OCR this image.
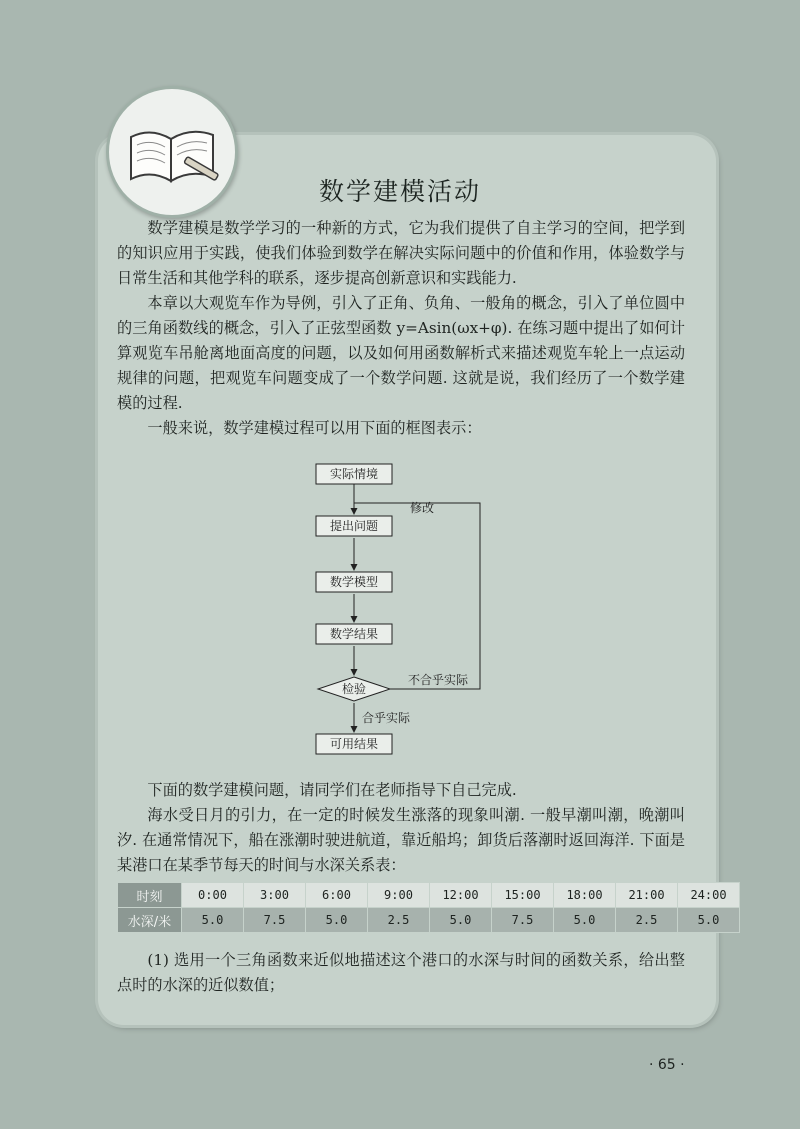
数学建模活动

数学建模是数学学习的一种新的方式，它为我们提供了自主学习的空间，把学到的知识应用于实践，使我们体验到数学在解决实际问题中的价值和作用，体验数学与日常生活和其他学科的联系，逐步提高创新意识和实践能力.

本章以大观览车作为导例，引入了正角、负角、一般角的概念，引入了单位圆中的三角函数线的概念，引入了正弦型函数 y=Asin(ωx+φ). 在练习题中提出了如何计算观览车吊舱离地面高度的问题，以及如何用函数解析式来描述观览车轮上一点运动规律的问题，把观览车问题变成了一个数学问题. 这就是说，我们经历了一个数学建模的过程.

一般来说，数学建模过程可以用下面的框图表示：

实际情境
提出问题
数学模型
数学结果
检验
可用结果
修改
不合乎实际
合乎实际

下面的数学建模问题，请同学们在老师指导下自己完成.

海水受日月的引力，在一定的时候发生涨落的现象叫潮. 一般早潮叫潮，晚潮叫汐. 在通常情况下，船在涨潮时驶进航道，靠近船坞；卸货后落潮时返回海洋. 下面是某港口在某季节每天的时间与水深关系表：

时刻	0:00	3:00	6:00	9:00	12:00	15:00	18:00	21:00	24:00
水深/米	5.0	7.5	5.0	2.5	5.0	7.5	5.0	2.5	5.0

(1) 选用一个三角函数来近似地描述这个港口的水深与时间的函数关系，给出整点时的水深的近似数值；

· 65 ·
